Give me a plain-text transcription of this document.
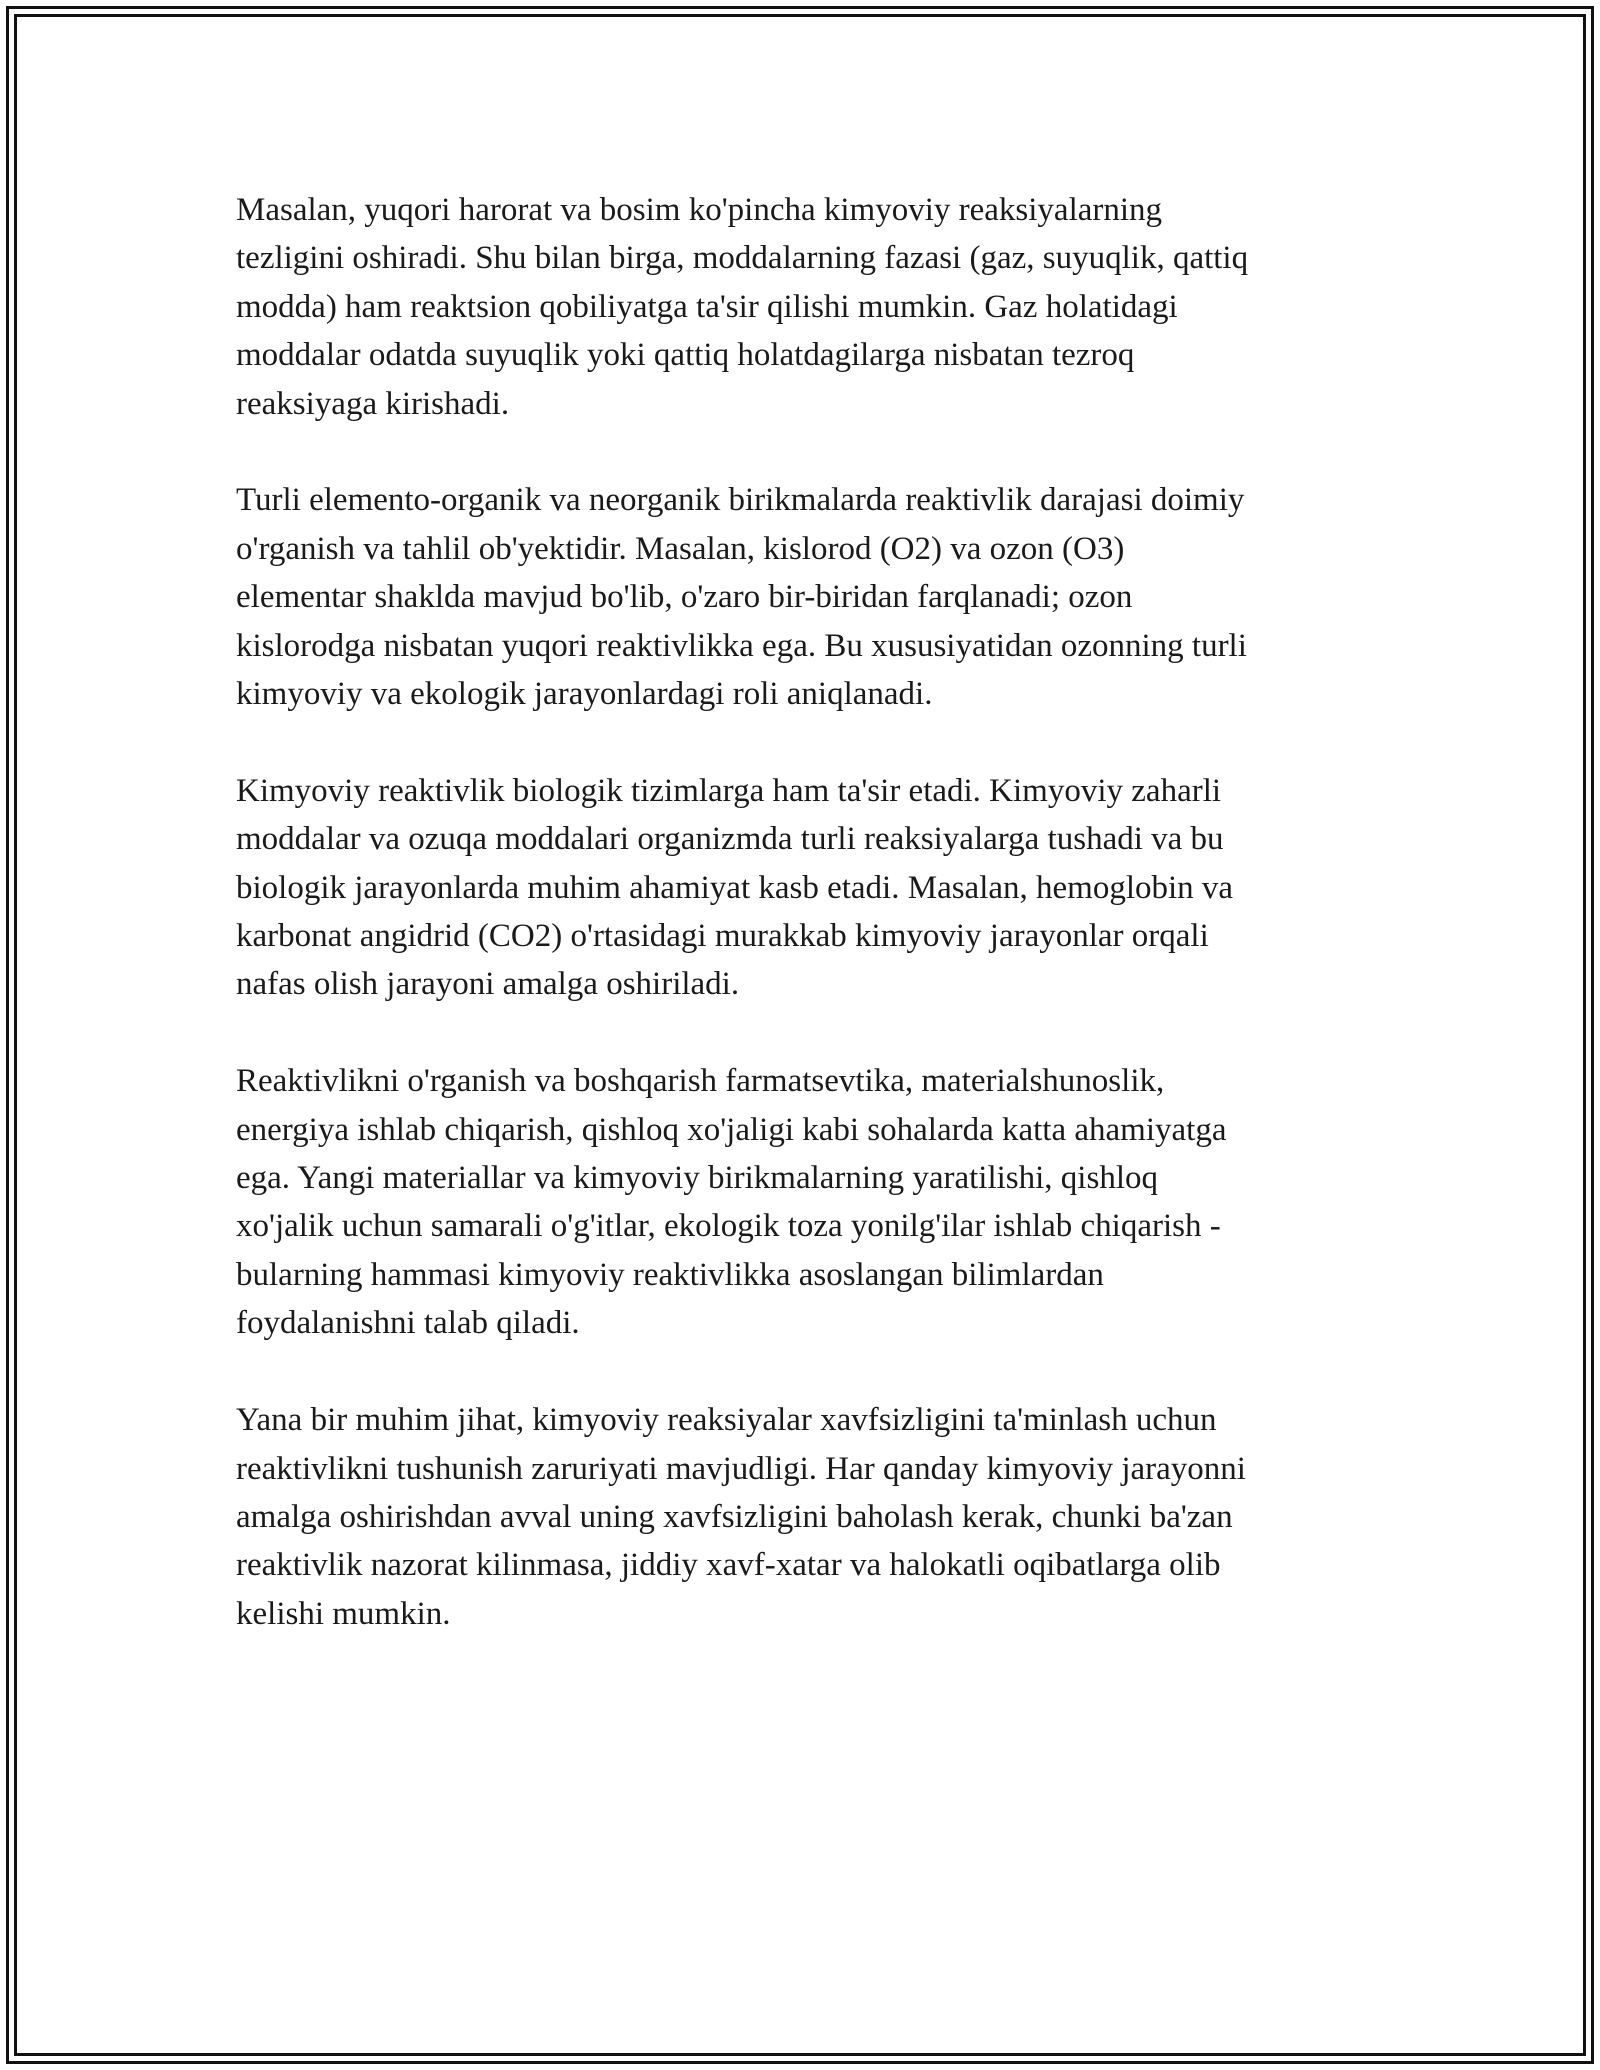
Masalan, yuqori harorat va bosim ko'pincha kimyoviy reaksiyalarning
tezligini oshiradi. Shu bilan birga, moddalarning fazasi (gaz, suyuqlik, qattiq
modda) ham reaktsion qobiliyatga ta'sir qilishi mumkin. Gaz holatidagi
moddalar odatda suyuqlik yoki qattiq holatdagilarga nisbatan tezroq
reaksiyaga kirishadi.

Turli elemento-organik va neorganik birikmalarda reaktivlik darajasi doimiy
o'rganish va tahlil ob'yektidir. Masalan, kislorod (O2) va ozon (O3)
elementar shaklda mavjud bo'lib, o'zaro bir-biridan farqlanadi; ozon
kislorodga nisbatan yuqori reaktivlikka ega. Bu xususiyatidan ozonning turli
kimyoviy va ekologik jarayonlardagi roli aniqlanadi.

Kimyoviy reaktivlik biologik tizimlarga ham ta'sir etadi. Kimyoviy zaharli
moddalar va ozuqa moddalari organizmda turli reaksiyalarga tushadi va bu
biologik jarayonlarda muhim ahamiyat kasb etadi. Masalan, hemoglobin va
karbonat angidrid (CO2) o'rtasidagi murakkab kimyoviy jarayonlar orqali
nafas olish jarayoni amalga oshiriladi.

Reaktivlikni o'rganish va boshqarish farmatsevtika, materialshunoslik,
energiya ishlab chiqarish, qishloq xo'jaligi kabi sohalarda katta ahamiyatga
ega. Yangi materiallar va kimyoviy birikmalarning yaratilishi, qishloq
xo'jalik uchun samarali o'g'itlar, ekologik toza yonilg'ilar ishlab chiqarish -
bularning hammasi kimyoviy reaktivlikka asoslangan bilimlardan
foydalanishni talab qiladi.

Yana bir muhim jihat, kimyoviy reaksiyalar xavfsizligini ta'minlash uchun
reaktivlikni tushunish zaruriyati mavjudligi. Har qanday kimyoviy jarayonni
amalga oshirishdan avval uning xavfsizligini baholash kerak, chunki ba'zan
reaktivlik nazorat kilinmasa, jiddiy xavf-xatar va halokatli oqibatlarga olib
kelishi mumkin.
